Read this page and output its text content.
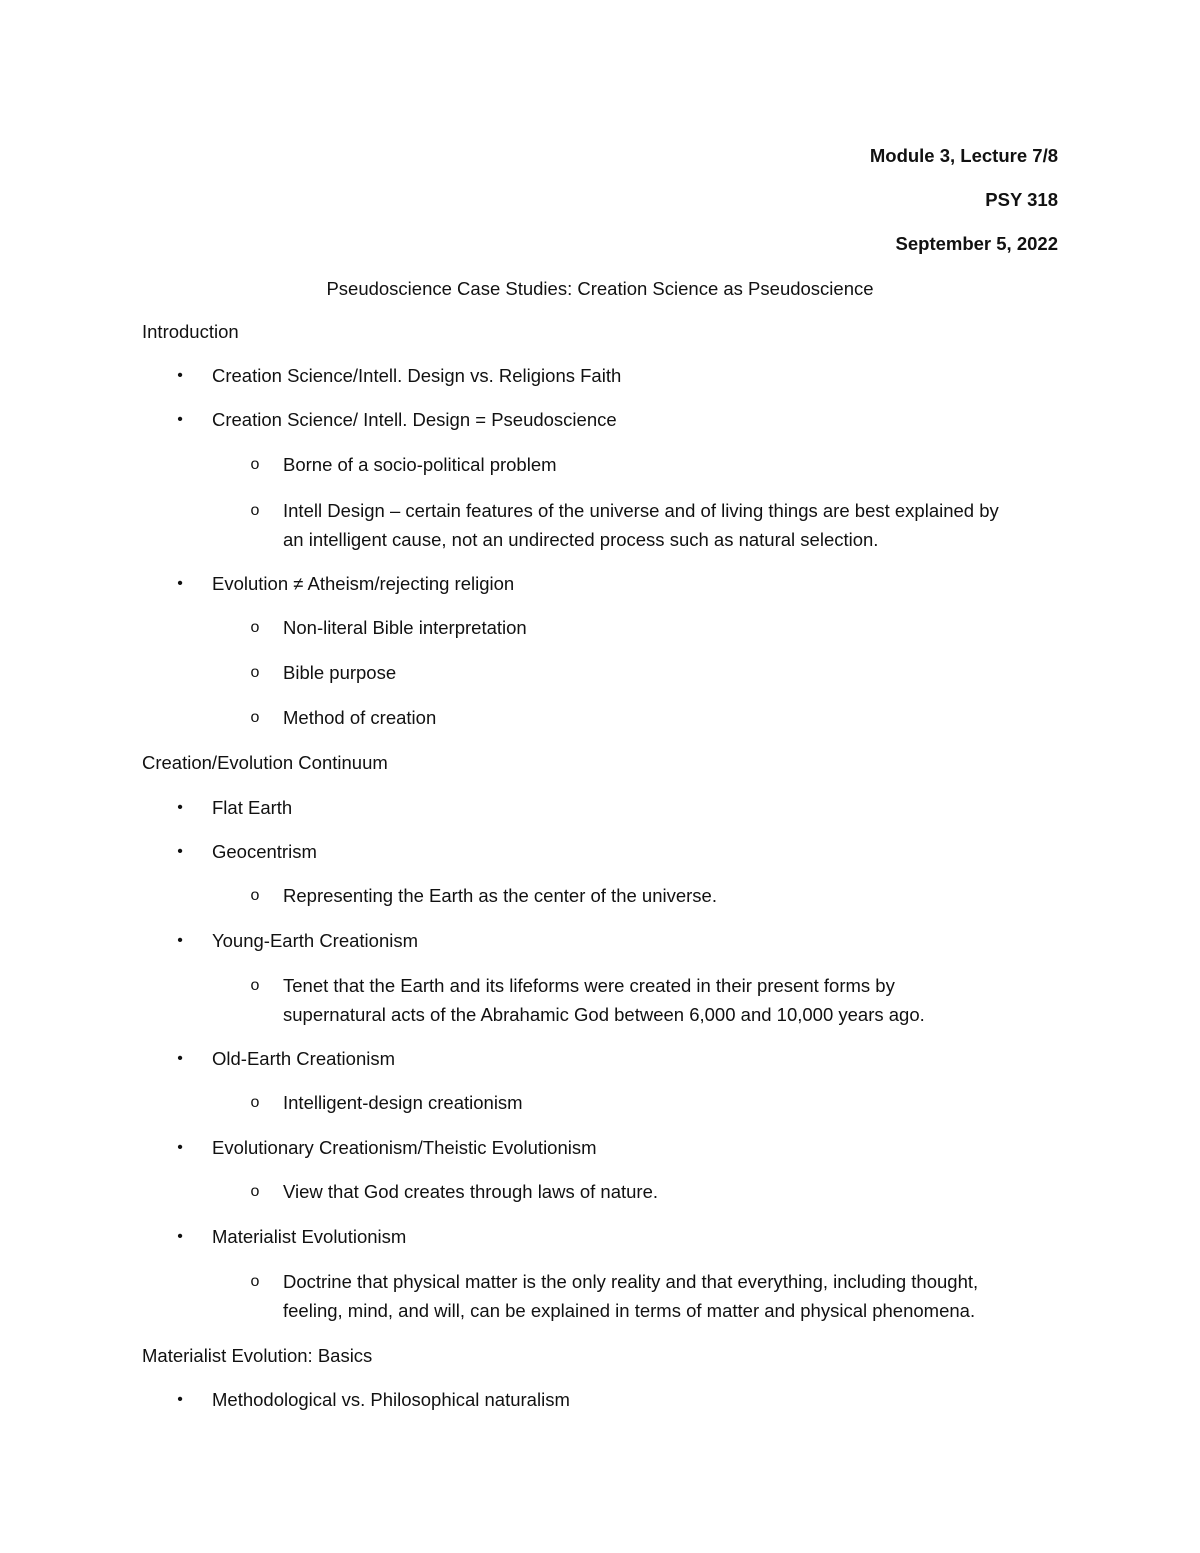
Module 3, Lecture 7/8
PSY 318
September 5, 2022
Pseudoscience Case Studies: Creation Science as Pseudoscience
Introduction
• Creation Science/Intell. Design vs. Religions Faith
• Creation Science/ Intell. Design = Pseudoscience
o Borne of a socio-political problem
o Intell Design – certain features of the universe and of living things are best explained by
an intelligent cause, not an undirected process such as natural selection.
• Evolution ≠ Atheism/rejecting religion
o Non-literal Bible interpretation
o Bible purpose
o Method of creation
Creation/Evolution Continuum
• Flat Earth
• Geocentrism
o Representing the Earth as the center of the universe.
• Young-Earth Creationism
o Tenet that the Earth and its lifeforms were created in their present forms by
supernatural acts of the Abrahamic God between 6,000 and 10,000 years ago.
• Old-Earth Creationism
o Intelligent-design creationism
• Evolutionary Creationism/Theistic Evolutionism
o View that God creates through laws of nature.
• Materialist Evolutionism
o Doctrine that physical matter is the only reality and that everything, including thought,
feeling, mind, and will, can be explained in terms of matter and physical phenomena.
Materialist Evolution: Basics
• Methodological vs. Philosophical naturalism
